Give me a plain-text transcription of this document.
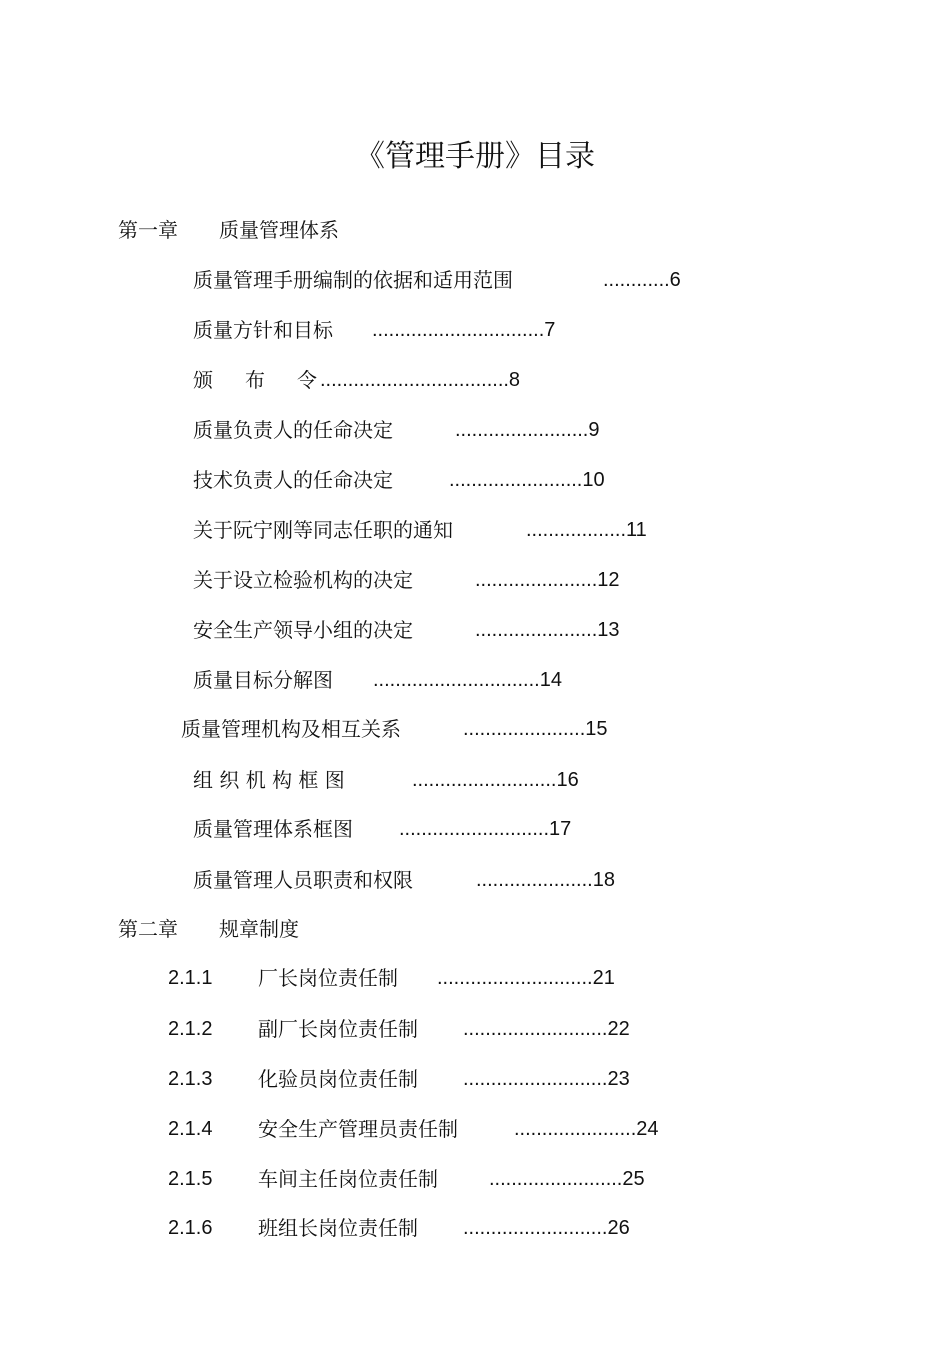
《管理手册》目录
第一章 质量管理体系
质量管理手册编制的依据和适用范围	............6
质量方针和目标 ...............................7
颁 布 令 ..................................8
质量负责人的任命决定	........................9
技术负责人的任命决定	........................10
关于阮宁刚等同志任职的通知	..................11
关于设立检验机构的决定	......................12
安全生产领导小组的决定	......................13
质量目标分解图 ..............................14
质量管理机构及相互关系	......................15
组 织 机 构 框 图	..........................16
质量管理体系框图 ...........................17
质量管理人员职责和权限	.....................18
第二章 规章制度
2.1.1 厂长岗位责任制 ............................21
2.1.2 副厂长岗位责任制 ..........................22
2.1.3 化验员岗位责任制 ..........................23
2.1.4 安全生产管理员责任制	......................24
2.1.5 车间主任岗位责任制	........................25
2.1.6 班组长岗位责任制 ..........................26
